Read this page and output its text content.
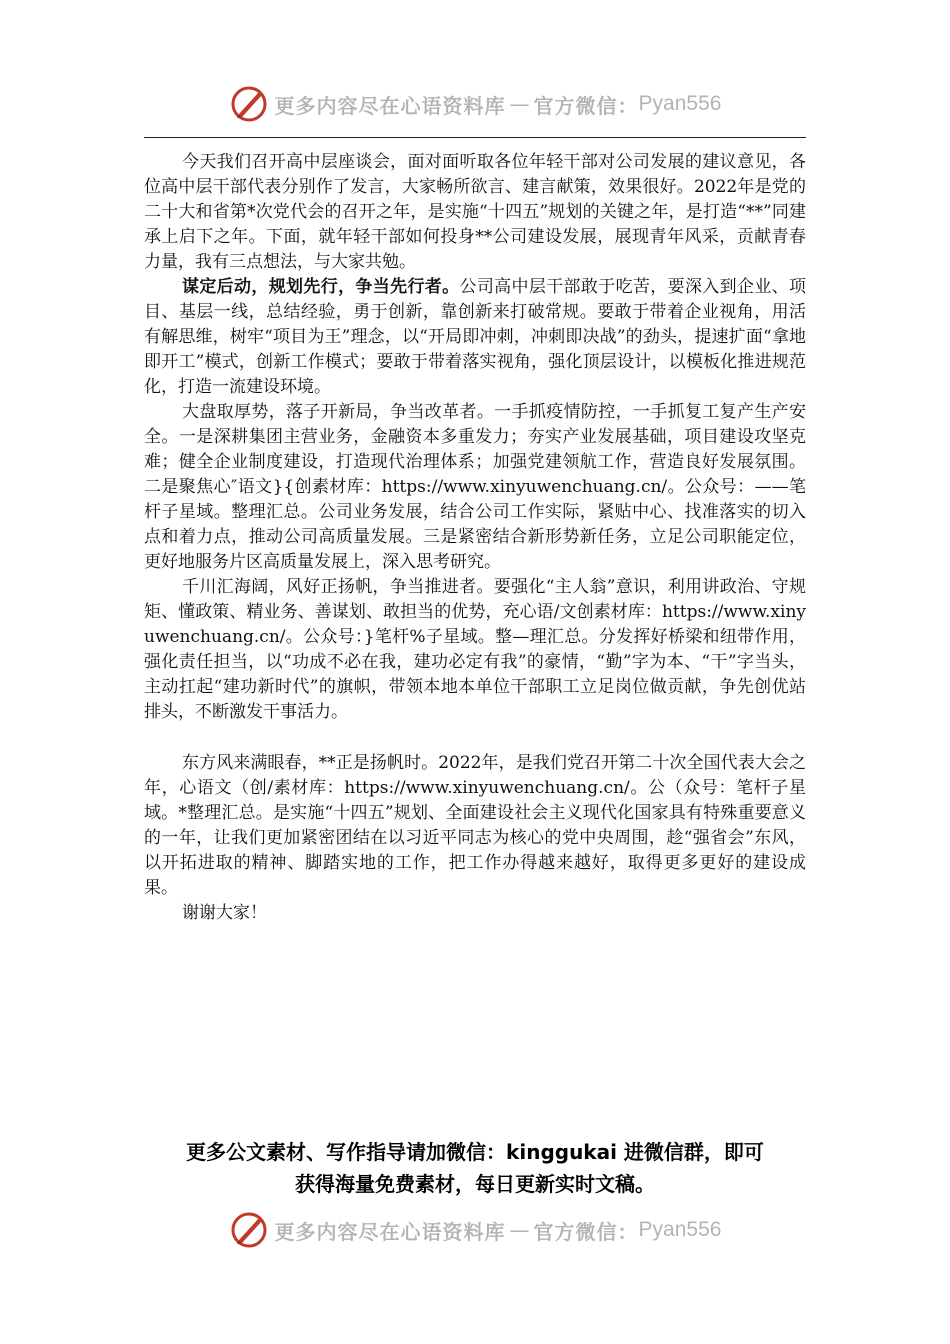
更多内容尽在心语资料库 — 官方微信： Pyan556

今天我们召开高中层座谈会，面对面听取各位年轻干部对公司发展的建议意见，各位高中层干部代表分别作了发言，大家畅所欲言、建言献策，效果很好。2022年是党的二十大和省第*次党代会的召开之年，是实施“十四五”规划的关键之年，是打造“**”同建承上启下之年。下面，就年轻干部如何投身**公司建设发展，展现青年风采，贡献青春力量，我有三点想法，与大家共勉。

谋定后动，规划先行，争当先行者。公司高中层干部敢于吃苦，要深入到企业、项目、基层一线，总结经验，勇于创新，靠创新来打破常规。要敢于带着企业视角，用活有解思维，树牢“项目为王”理念，以“开局即冲刺，冲刺即决战”的劲头，提速扩面“拿地即开工”模式，创新工作模式；要敢于带着落实视角，强化顶层设计，以模板化推进规范化，打造一流建设环境。

大盘取厚势，落子开新局，争当改革者。一手抓疫情防控，一手抓复工复产生产安全。一是深耕集团主营业务，金融资本多重发力；夯实产业发展基础，项目建设攻坚克难；健全企业制度建设，打造现代治理体系；加强党建领航工作，营造良好发展氛围。二是聚焦心″语文}{创素材库：https://www.xinyuwenchuang.cn/。公众号：——笔杆子星域。整理汇总。公司业务发展，结合公司工作实际，紧贴中心、找准落实的切入点和着力点，推动公司高质量发展。三是紧密结合新形势新任务，立足公司职能定位，更好地服务片区高质量发展上，深入思考研究。

千川汇海阔，风好正扬帆，争当推进者。要强化“主人翁”意识，利用讲政治、守规矩、懂政策、精业务、善谋划、敢担当的优势，充心语/文创素材库：https://www.xinyuwenchuang.cn/。公众号：}笔杆%子星域。整—理汇总。分发挥好桥梁和纽带作用，强化责任担当，以“功成不必在我，建功必定有我”的豪情，“勤”字为本、“干”字当头，主动扛起“建功新时代”的旗帜，带领本地本单位干部职工立足岗位做贡献，争先创优站排头，不断激发干事活力。

东方风来满眼春，**正是扬帆时。2022年，是我们党召开第二十次全国代表大会之年，心语文（创/素材库：https://www.xinyuwenchuang.cn/。公（众号：笔杆子星域。*整理汇总。是实施“十四五”规划、全面建设社会主义现代化国家具有特殊重要意义的一年，让我们更加紧密团结在以习近平同志为核心的党中央周围，趁“强省会”东风，以开拓进取的精神、脚踏实地的工作，把工作办得越来越好，取得更多更好的建设成果。

谢谢大家！

更多公文素材、写作指导请加微信：kinggukai 进微信群，即可
获得海量免费素材，每日更新实时文稿。
更多内容尽在心语资料库 — 官方微信： Pyan556
